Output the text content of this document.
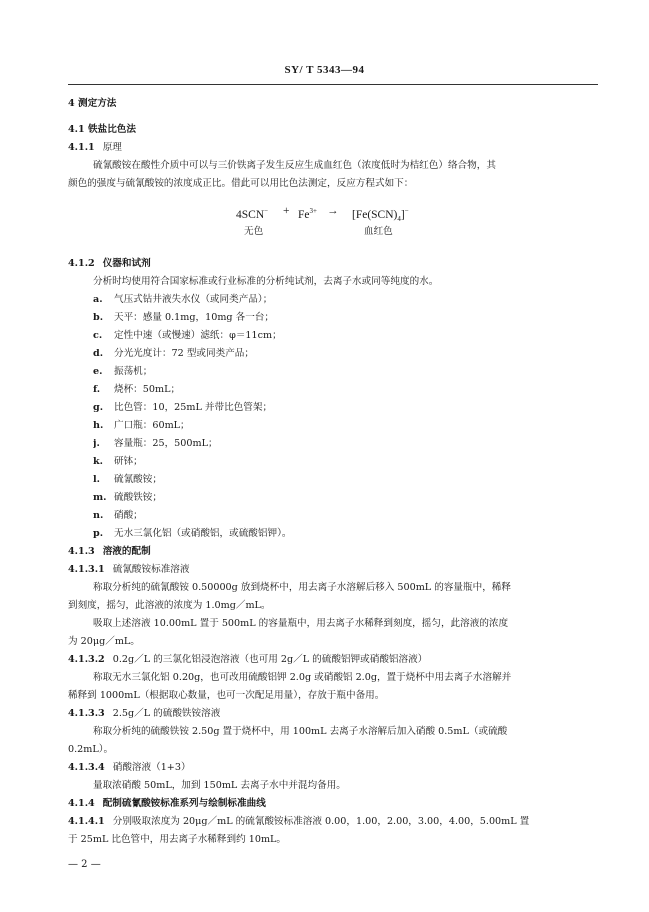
SY/ T 5343—94
4 测定方法
4.1 铁盐比色法
4.1.1 原理
硫氰酸铵在酸性介质中可以与三价铁离子发生反应生成血红色（浓度低时为桔红色）络合物，其
颜色的强度与硫氰酸铵的浓度成正比。借此可以用比色法测定，反应方程式如下：
$4SCN^- + Fe^{3+} \to [Fe(SCN)_4]^-$
无色	血红色
4.1.2 仪器和试剂
分析时均使用符合国家标准或行业标准的分析纯试剂，去离子水或同等纯度的水。
a. 气压式钻井液失水仪（或同类产品）；
b. 天平：感量 0.1mg，10mg 各一台；
c. 定性中速（或慢速）滤纸：φ＝11cm；
d. 分光光度计：72 型或同类产品；
e. 振荡机；
f. 烧杯：50mL；
g. 比色管：10，25mL 并带比色管架；
h. 广口瓶：60mL；
j. 容量瓶：25，500mL；
k. 研钵；
l. 硫氰酸铵；
m. 硫酸铁铵；
n. 硝酸；
p. 无水三氯化铝（或硝酸铝，或硫酸铝钾）。
4.1.3 溶液的配制
4.1.3.1 硫氰酸铵标准溶液
称取分析纯的硫氰酸铵 0.50000g 放到烧杯中，用去离子水溶解后移入 500mL 的容量瓶中，稀释
到刻度，摇匀，此溶液的浓度为 1.0mg／mL。
吸取上述溶液 10.00mL 置于 500mL 的容量瓶中，用去离子水稀释到刻度，摇匀，此溶液的浓度
为 20μg／mL。
4.1.3.2 0.2g／L 的三氯化铝浸泡溶液（也可用 2g／L 的硫酸铝钾或硝酸铝溶液）
称取无水三氯化铝 0.20g，也可改用硫酸铝钾 2.0g 或硝酸铝 2.0g，置于烧杯中用去离子水溶解并
稀释到 1000mL（根据取心数量，也可一次配足用量），存放于瓶中备用。
4.1.3.3 2.5g／L 的硫酸铁铵溶液
称取分析纯的硫酸铁铵 2.50g 置于烧杯中，用 100mL 去离子水溶解后加入硝酸 0.5mL（或硫酸
0.2mL）。
4.1.3.4 硝酸溶液（1+3）
量取浓硝酸 50mL，加到 150mL 去离子水中并混均备用。
4.1.4 配制硫氰酸铵标准系列与绘制标准曲线
4.1.4.1 分别吸取浓度为 20μg／mL 的硫氰酸铵标准溶液 0.00，1.00，2.00，3.00，4.00，5.00mL 置
于 25mL 比色管中，用去离子水稀释到约 10mL。
— 2 —
